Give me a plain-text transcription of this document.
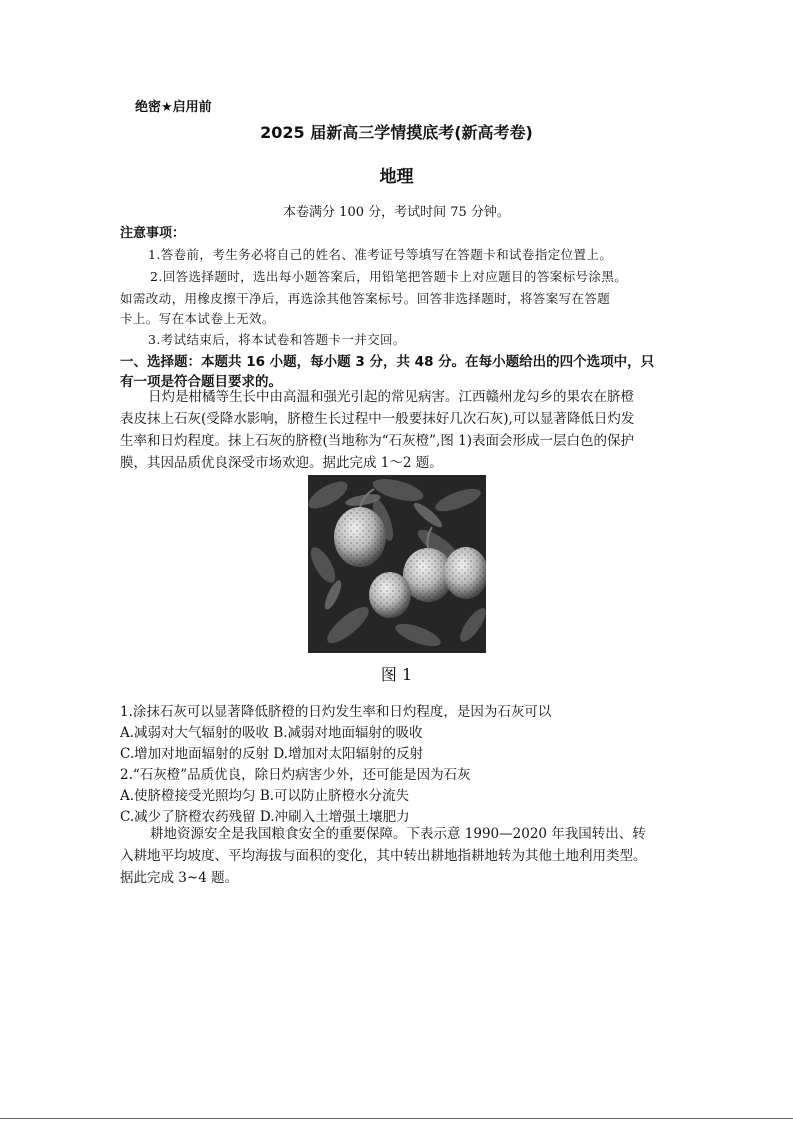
绝密★启用前
2025 届新高三学情摸底考(新高考卷)
地理
本卷满分 100 分，考试时间 75 分钟。
注意事项：
1.答卷前，考生务必将自己的姓名、准考证号等填写在答题卡和试卷指定位置上。
2.回答选择题时，选出每小题答案后，用铅笔把答题卡上对应题目的答案标号涂黑。
如需改动，用橡皮擦干净后，再选涂其他答案标号。回答非选择题时，将答案写在答题
卡上。写在本试卷上无效。
3.考试结束后，将本试卷和答题卡一并交回。
一、选择题：本题共 16 小题，每小题 3 分，共 48 分。在每小题给出的四个选项中，只
有一项是符合题目要求的。
日灼是柑橘等生长中由高温和强光引起的常见病害。江西赣州龙勾乡的果农在脐橙
表皮抹上石灰(受降水影响，脐橙生长过程中一般要抹好几次石灰),可以显著降低日灼发
生率和日灼程度。抹上石灰的脐橙(当地称为“石灰橙”,图 1)表面会形成一层白色的保护
膜，其因品质优良深受市场欢迎。据此完成 1～2 题。
图 1
1.涂抹石灰可以显著降低脐橙的日灼发生率和日灼程度，是因为石灰可以
A.减弱对大气辐射的吸收 B.减弱对地面辐射的吸收
C.增加对地面辐射的反射 D.增加对太阳辐射的反射
2.“石灰橙”品质优良，除日灼病害少外，还可能是因为石灰
A.使脐橙接受光照均匀 B.可以防止脐橙水分流失
C.减少了脐橙农药残留 D.冲刷入土增强土壤肥力
耕地资源安全是我国粮食安全的重要保障。下表示意 1990—2020 年我国转出、转
入耕地平均坡度、平均海拔与面积的变化，其中转出耕地指耕地转为其他土地利用类型。
据此完成 3~4 题。
